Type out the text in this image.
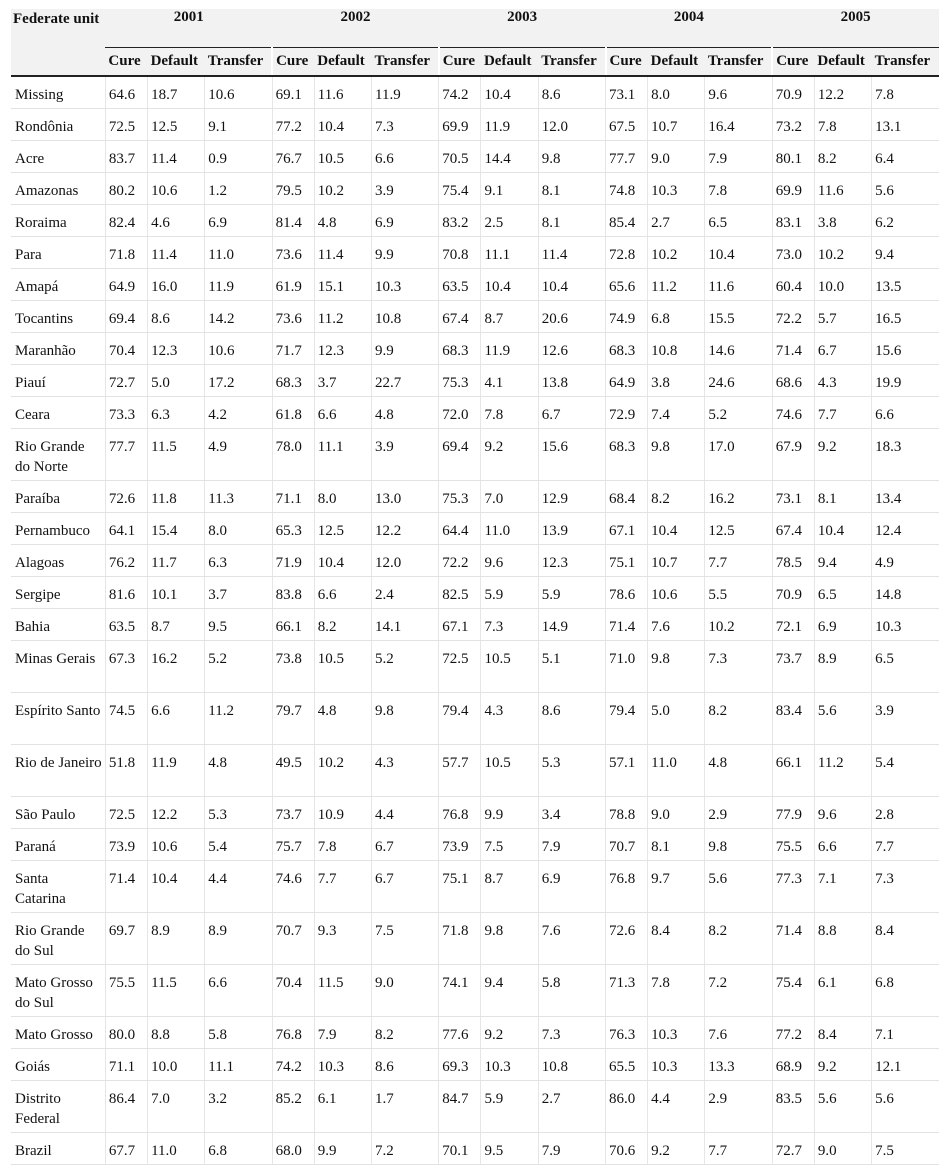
Federate unit	2001			2002			2003			2004			2005		
	Cure	Default	Transfer	Cure	Default	Transfer	Cure	Default	Transfer	Cure	Default	Transfer	Cure	Default	Transfer
Missing	64.6	18.7	10.6	69.1	11.6	11.9	74.2	10.4	8.6	73.1	8.0	9.6	70.9	12.2	7.8
Rondônia	72.5	12.5	9.1	77.2	10.4	7.3	69.9	11.9	12.0	67.5	10.7	16.4	73.2	7.8	13.1
Acre	83.7	11.4	0.9	76.7	10.5	6.6	70.5	14.4	9.8	77.7	9.0	7.9	80.1	8.2	6.4
Amazonas	80.2	10.6	1.2	79.5	10.2	3.9	75.4	9.1	8.1	74.8	10.3	7.8	69.9	11.6	5.6
Roraima	82.4	4.6	6.9	81.4	4.8	6.9	83.2	2.5	8.1	85.4	2.7	6.5	83.1	3.8	6.2
Para	71.8	11.4	11.0	73.6	11.4	9.9	70.8	11.1	11.4	72.8	10.2	10.4	73.0	10.2	9.4
Amapá	64.9	16.0	11.9	61.9	15.1	10.3	63.5	10.4	10.4	65.6	11.2	11.6	60.4	10.0	13.5
Tocantins	69.4	8.6	14.2	73.6	11.2	10.8	67.4	8.7	20.6	74.9	6.8	15.5	72.2	5.7	16.5
Maranhão	70.4	12.3	10.6	71.7	12.3	9.9	68.3	11.9	12.6	68.3	10.8	14.6	71.4	6.7	15.6
Piauí	72.7	5.0	17.2	68.3	3.7	22.7	75.3	4.1	13.8	64.9	3.8	24.6	68.6	4.3	19.9
Ceara	73.3	6.3	4.2	61.8	6.6	4.8	72.0	7.8	6.7	72.9	7.4	5.2	74.6	7.7	6.6
Rio Grande do Norte	77.7	11.5	4.9	78.0	11.1	3.9	69.4	9.2	15.6	68.3	9.8	17.0	67.9	9.2	18.3
Paraíba	72.6	11.8	11.3	71.1	8.0	13.0	75.3	7.0	12.9	68.4	8.2	16.2	73.1	8.1	13.4
Pernambuco	64.1	15.4	8.0	65.3	12.5	12.2	64.4	11.0	13.9	67.1	10.4	12.5	67.4	10.4	12.4
Alagoas	76.2	11.7	6.3	71.9	10.4	12.0	72.2	9.6	12.3	75.1	10.7	7.7	78.5	9.4	4.9
Sergipe	81.6	10.1	3.7	83.8	6.6	2.4	82.5	5.9	5.9	78.6	10.6	5.5	70.9	6.5	14.8
Bahia	63.5	8.7	9.5	66.1	8.2	14.1	67.1	7.3	14.9	71.4	7.6	10.2	72.1	6.9	10.3
Minas Gerais	67.3	16.2	5.2	73.8	10.5	5.2	72.5	10.5	5.1	71.0	9.8	7.3	73.7	8.9	6.5
Espírito Santo	74.5	6.6	11.2	79.7	4.8	9.8	79.4	4.3	8.6	79.4	5.0	8.2	83.4	5.6	3.9
Rio de Janeiro	51.8	11.9	4.8	49.5	10.2	4.3	57.7	10.5	5.3	57.1	11.0	4.8	66.1	11.2	5.4
São Paulo	72.5	12.2	5.3	73.7	10.9	4.4	76.8	9.9	3.4	78.8	9.0	2.9	77.9	9.6	2.8
Paraná	73.9	10.6	5.4	75.7	7.8	6.7	73.9	7.5	7.9	70.7	8.1	9.8	75.5	6.6	7.7
Santa Catarina	71.4	10.4	4.4	74.6	7.7	6.7	75.1	8.7	6.9	76.8	9.7	5.6	77.3	7.1	7.3
Rio Grande do Sul	69.7	8.9	8.9	70.7	9.3	7.5	71.8	9.8	7.6	72.6	8.4	8.2	71.4	8.8	8.4
Mato Grosso do Sul	75.5	11.5	6.6	70.4	11.5	9.0	74.1	9.4	5.8	71.3	7.8	7.2	75.4	6.1	6.8
Mato Grosso	80.0	8.8	5.8	76.8	7.9	8.2	77.6	9.2	7.3	76.3	10.3	7.6	77.2	8.4	7.1
Goiás	71.1	10.0	11.1	74.2	10.3	8.6	69.3	10.3	10.8	65.5	10.3	13.3	68.9	9.2	12.1
Distrito Federal	86.4	7.0	3.2	85.2	6.1	1.7	84.7	5.9	2.7	86.0	4.4	2.9	83.5	5.6	5.6
Brazil	67.7	11.0	6.8	68.0	9.9	7.2	70.1	9.5	7.9	70.6	9.2	7.7	72.7	9.0	7.5
